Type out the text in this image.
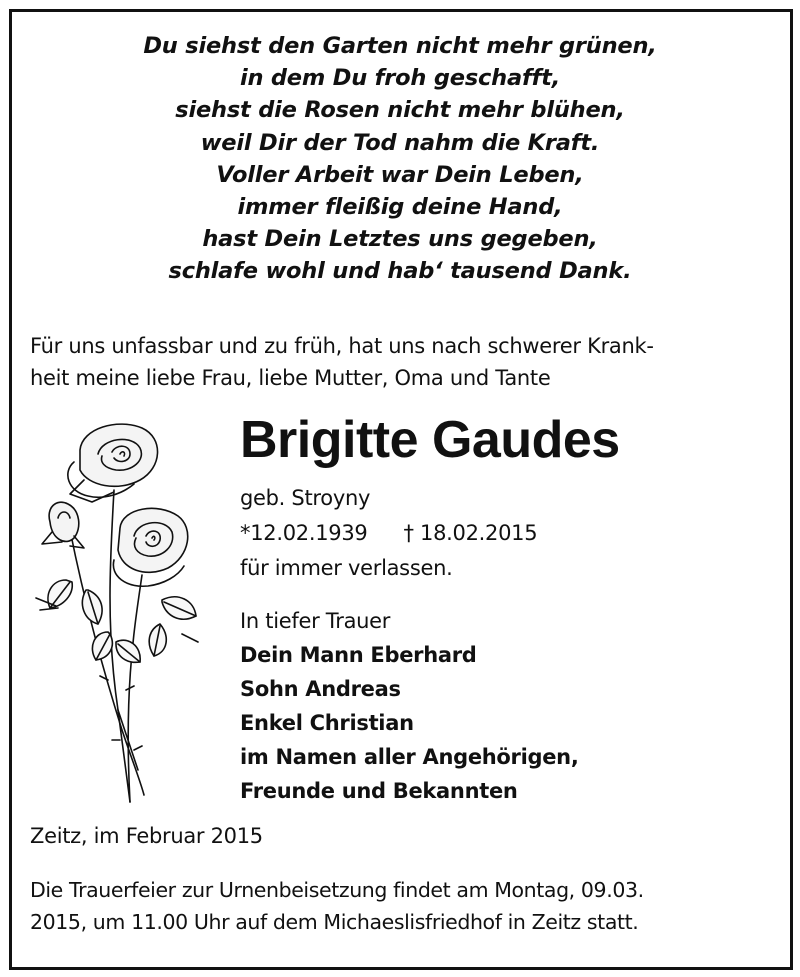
Du siehst den Garten nicht mehr grünen,
in dem Du froh geschafft,
siehst die Rosen nicht mehr blühen,
weil Dir der Tod nahm die Kraft.
Voller Arbeit war Dein Leben,
immer fleißig deine Hand,
hast Dein Letztes uns gegeben,
schlafe wohl und hab‘ tausend Dank.
Für uns unfassbar und zu früh, hat uns nach schwerer Krank-
heit meine liebe Frau, liebe Mutter, Oma und Tante
Brigitte Gaudes
geb. Stroyny
*12.02.1939 † 18.02.2015
für immer verlassen.
In tiefer Trauer
Dein Mann Eberhard
Sohn Andreas
Enkel Christian
im Namen aller Angehörigen,
Freunde und Bekannten
Zeitz, im Februar 2015
Die Trauerfeier zur Urnenbeisetzung findet am Montag, 09.03.
2015, um 11.00 Uhr auf dem Michaeslisfriedhof in Zeitz statt.
